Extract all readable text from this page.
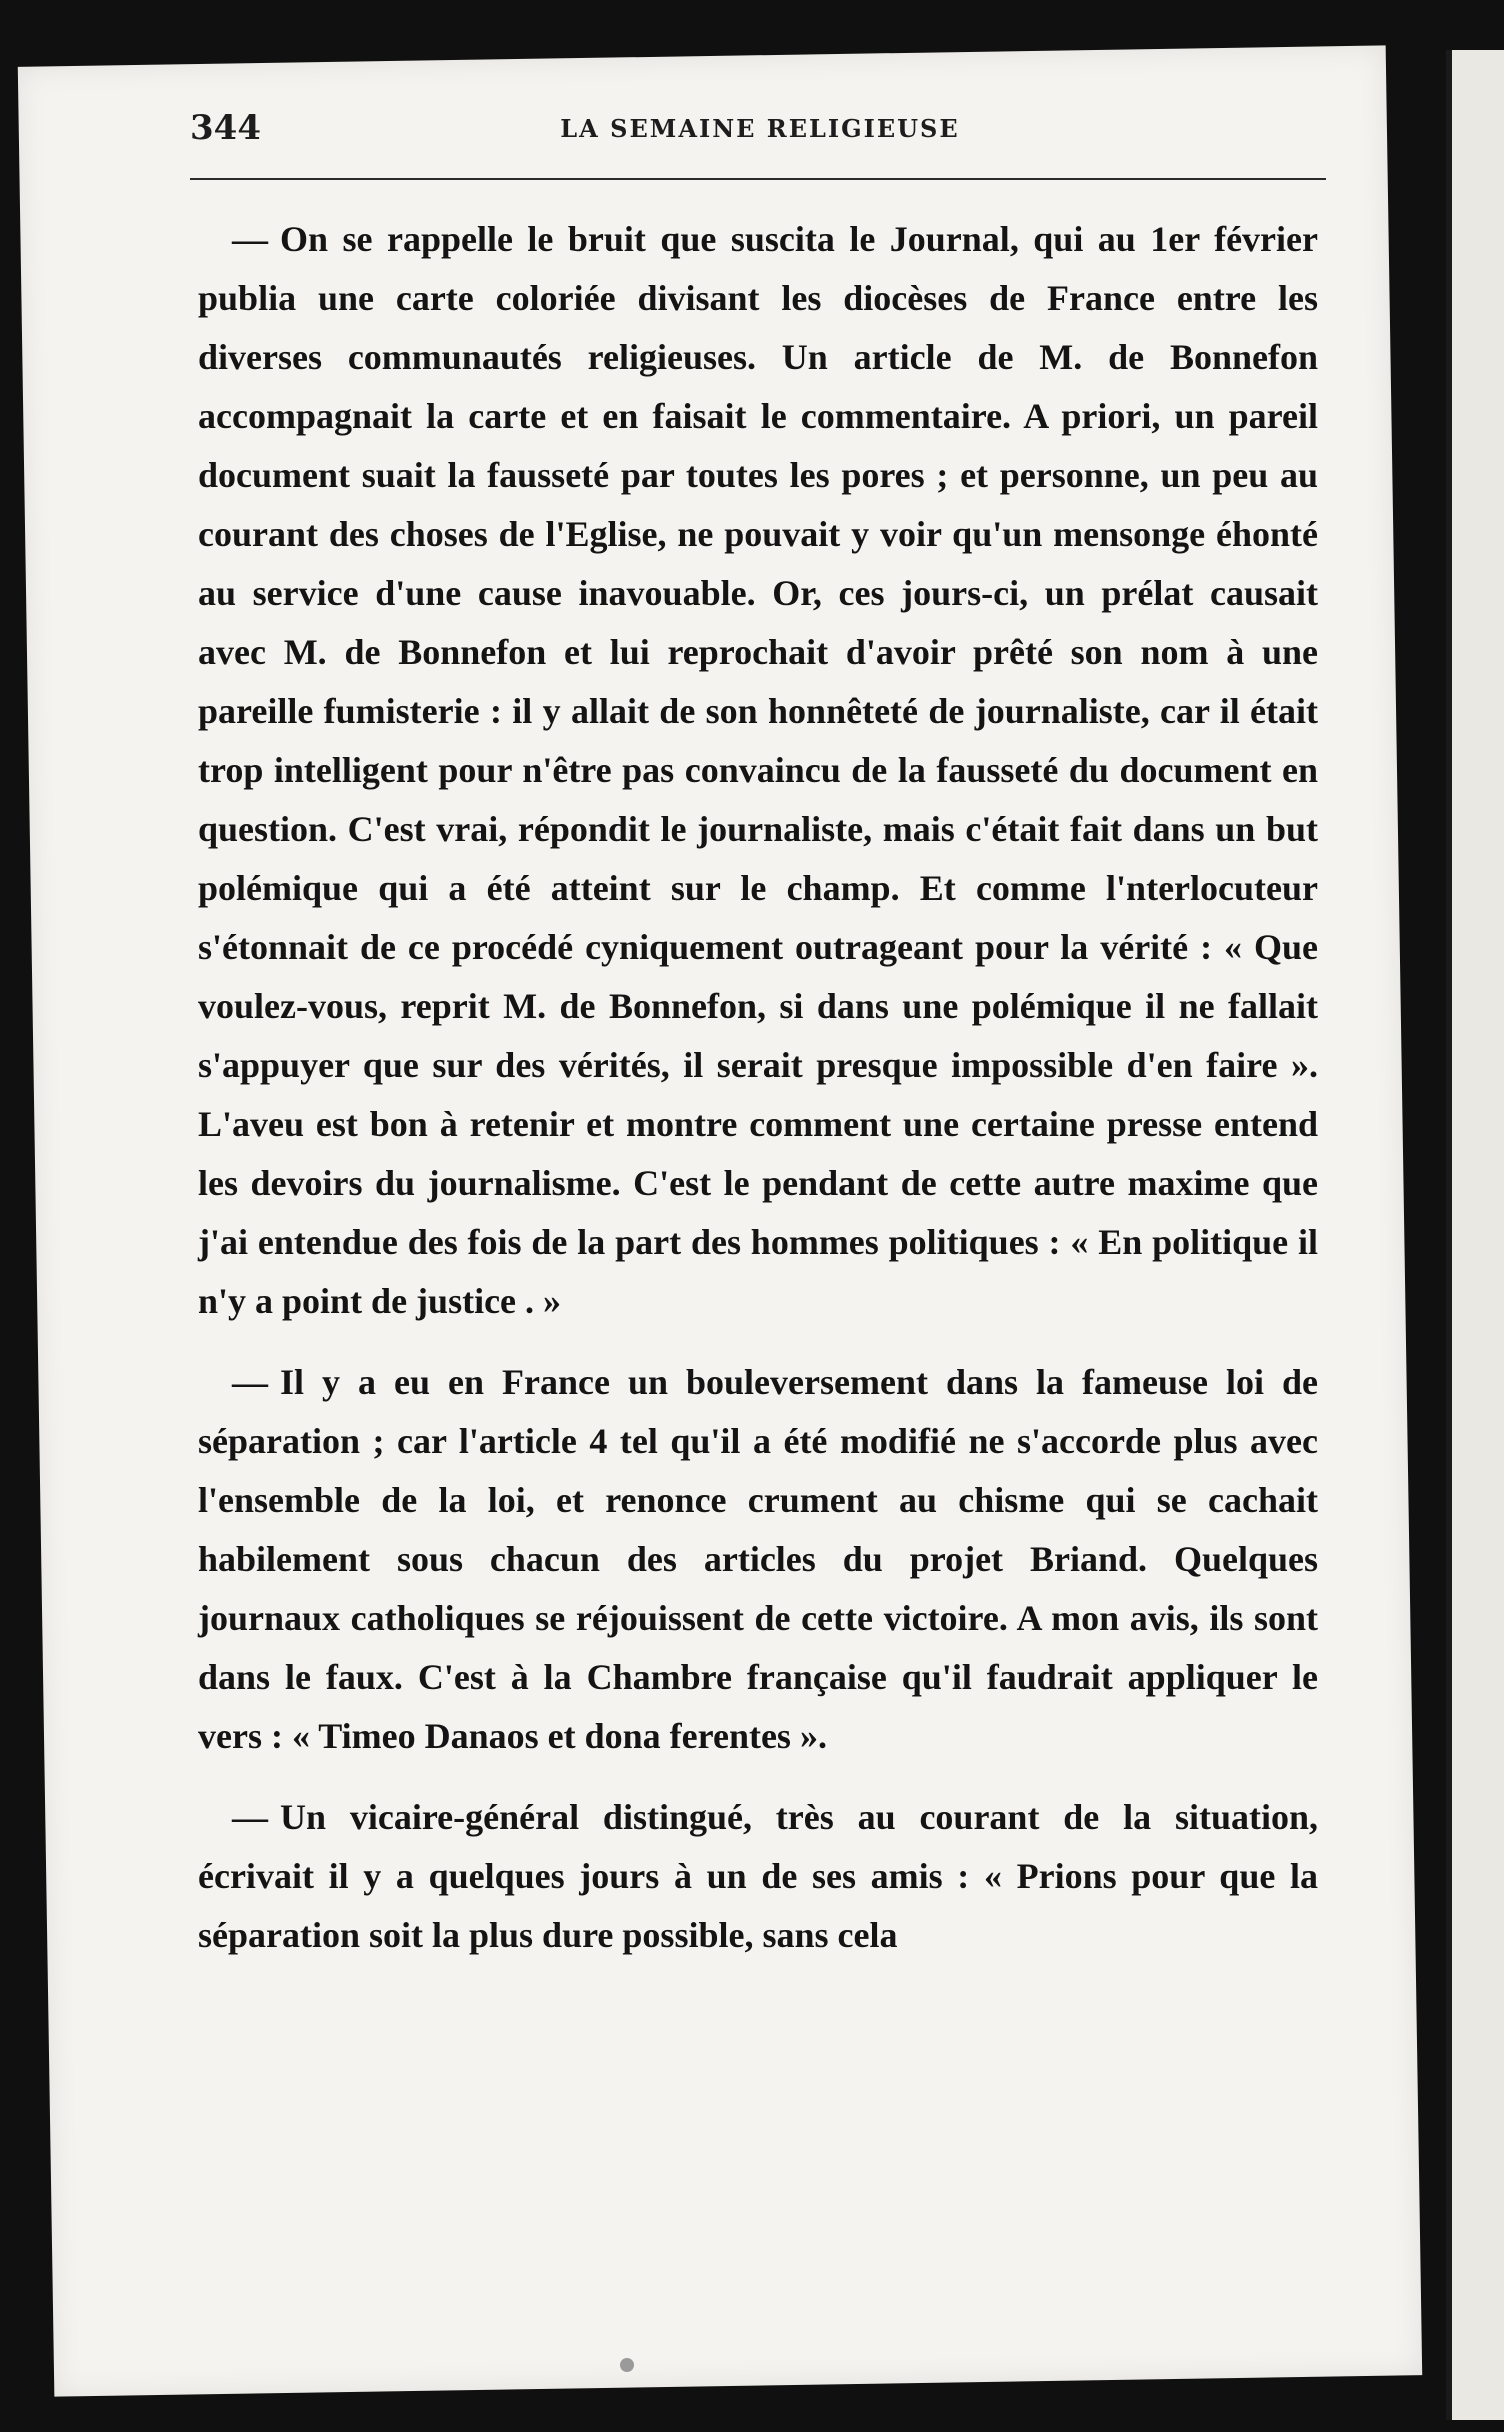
344	LA SEMAINE RELIGIEUSE

— On se rappelle le bruit que suscita le Journal, qui au 1er février publia une carte coloriée divisant les diocèses de France entre les diverses communautés religieuses. Un article de M. de Bonnefon accompagnait la carte et en faisait le commentaire. A priori, un pareil document suait la fausseté par toutes les pores ; et personne, un peu au courant des choses de l'Eglise, ne pouvait y voir qu'un mensonge éhonté au service d'une cause inavouable. Or, ces jours-ci, un prélat causait avec M. de Bonnefon et lui reprochait d'avoir prêté son nom à une pareille fumisterie : il y allait de son honnêteté de journaliste, car il était trop intelligent pour n'être pas convaincu de la fausseté du document en question. C'est vrai, répondit le journaliste, mais c'était fait dans un but polémique qui a été atteint sur le champ. Et comme l'nterlocuteur s'étonnait de ce procédé cyniquement outrageant pour la vérité : « Que voulez-vous, reprit M. de Bonnefon, si dans une polémique il ne fallait s'appuyer que sur des vérités, il serait presque impossible d'en faire ». L'aveu est bon à retenir et montre comment une certaine presse entend les devoirs du journalisme. C'est le pendant de cette autre maxime que j'ai entendue des fois de la part des hommes politiques : « En politique il n'y a point de justice . »

— Il y a eu en France un bouleversement dans la fameuse loi de séparation ; car l'article 4 tel qu'il a été modifié ne s'accorde plus avec l'ensemble de la loi, et renonce crument au chisme qui se cachait habilement sous chacun des articles du projet Briand. Quelques journaux catholiques se réjouissent de cette victoire. A mon avis, ils sont dans le faux. C'est à la Chambre française qu'il faudrait appliquer le vers : « Timeo Danaos et dona ferentes ».

— Un vicaire-général distingué, très au courant de la situation, écrivait il y a quelques jours à un de ses amis : « Prions pour que la séparation soit la plus dure possible, sans cela
